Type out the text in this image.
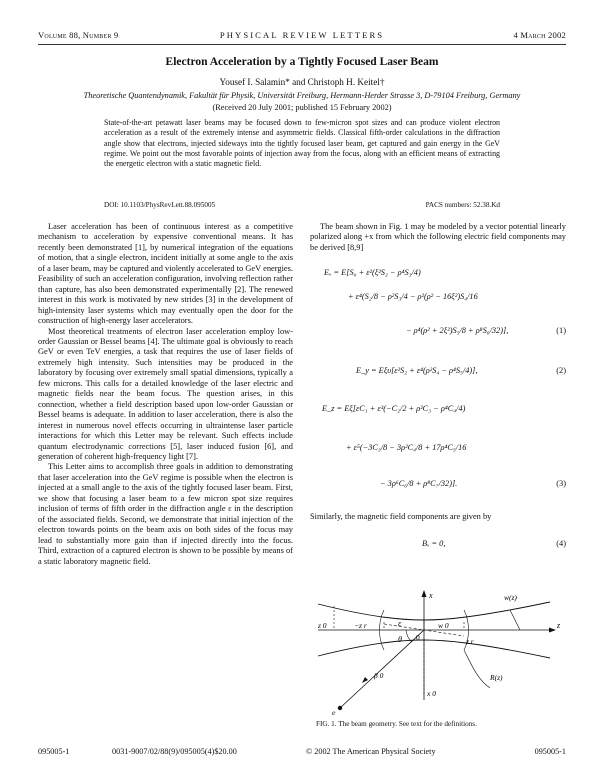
Volume 88, Number 9	PHYSICAL REVIEW LETTERS	4 March 2002
Electron Acceleration by a Tightly Focused Laser Beam
Yousef I. Salamin* and Christoph H. Keitel†
Theoretische Quantendynamik, Fakultät für Physik, Universität Freiburg, Hermann-Herder Strasse 3, D-79104 Freiburg, Germany
(Received 20 July 2001; published 15 February 2002)
State-of-the-art petawatt laser beams may be focused down to few-micron spot sizes and can produce violent electron acceleration as a result of the extremely intense and asymmetric fields. Classical fifth-order calculations in the diffraction angle show that electrons, injected sideways into the tightly focused laser beam, get captured and gain energy in the GeV regime. We point out the most favorable points of injection away from the focus, along with an efficient means of extracting the energetic electron with a static magnetic field.
DOI: 10.1103/PhysRevLett.88.095005	PACS numbers: 52.38.Kd

Laser acceleration has been of continuous interest as a competitive mechanism to acceleration by expensive conventional means. It has recently been demonstrated [1], by numerical integration of the equations of motion, that a single electron, incident initially at some angle to the axis of a laser beam, may be captured and violently accelerated to GeV energies. Feasibility of such an acceleration configuration, involving reflection rather than capture, has also been demonstrated experimentally [2]. The renewed interest in this work is motivated by new strides [3] in the development of high-intensity laser systems which may eventually open the door for the construction of high-energy laser accelerators.

Most theoretical treatments of electron laser acceleration employ low-order Gaussian or Bessel beams [4]. The ultimate goal is obviously to reach GeV or even TeV energies, a task that requires the use of laser fields of extremely high intensity. Such intensities may be produced in the laboratory by focusing over extremely small spatial dimensions, typically a few microns. This calls for a detailed knowledge of the laser electric and magnetic fields near the beam focus. The question arises, in this connection, whether a field description based upon low-order Gaussian or Bessel beams is adequate. In addition to laser acceleration, there is also the interest in numerous novel effects occurring in ultraintense laser particle interactions for which this Letter may be relevant. Such effects include quantum electrodynamic corrections [5], laser induced fusion [6], and generation of coherent high-frequency light [7].

This Letter aims to accomplish three goals in addition to demonstrating that laser acceleration into the GeV regime is possible when the electron is injected at a small angle to the axis of the tightly focused laser beam. First, we show that focusing a laser beam to a few micron spot size requires inclusion of terms of fifth order in the diffraction angle ε in the description of the associated fields. Second, we demonstrate that initial injection of the electron towards points on the beam axis on both sides of the focus may lead to substantially more gain than if injected directly into the focus. Third, extraction of a captured electron is shown to be possible by means of a static laboratory magnetic field.

The beam shown in Fig. 1 may be modeled by a vector potential linearly polarized along +x from which the following electric field components may be derived [8,9]

Eₓ = E[S₀ + ε²(ξ²S₂ − ρ⁴S₃/4)
+ ε⁴(S₂/8 − ρ²S₃/4 − ρ²(ρ² − 16ξ²)S₄/16
− ρ⁴(ρ² + 2ξ²)S₅/8 + ρ⁸S₆/32)],	(1)
E_y = Eξυ[ε²S₂ + ε⁴(ρ²S₄ − ρ⁴S₅/4)],	(2)
E_z = Eξ[εC₁ + ε³(−C₂/2 + ρ²C₃ − ρ⁴C₄/4)
+ ε⁵(−3C₃/8 − 3ρ²C₄/8 + 17ρ⁴C₅/16
− 3ρ⁶C₆/8 + ρ⁸C₇/32)].	(3)

Similarly, the magnetic field components are given by

Bₓ = 0,	(4)
x
z
z 0	−z r
z r
w 0
w(z)
ε
θ 0
β 0	R(z)
x 0
e
FIG. 1. The beam geometry. See text for the definitions.
095005-1	0031-9007/02/88(9)/095005(4)$20.00	© 2002 The American Physical Society	095005-1
